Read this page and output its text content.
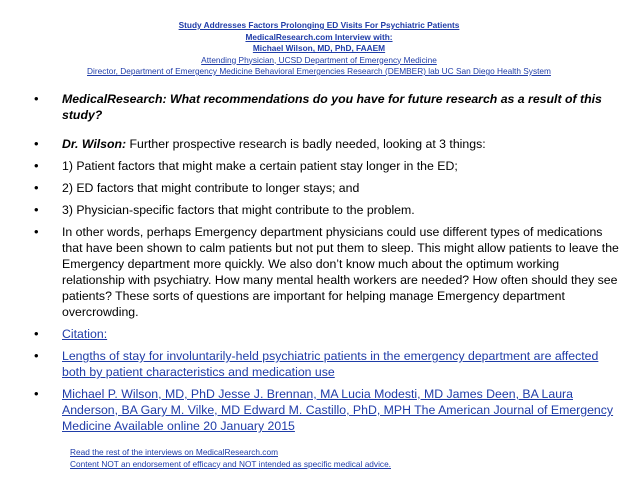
Study Addresses Factors Prolonging ED Visits For Psychiatric Patients
MedicalResearch.com Interview with:
Michael Wilson, MD, PhD, FAAEM
Attending Physician, UCSD Department of Emergency Medicine
Director, Department of Emergency Medicine Behavioral Emergencies Research (DEMBER) lab UC San Diego Health System
• MedicalResearch: What recommendations do you have for future research as a result of this study?
• Dr. Wilson: Further prospective research is badly needed, looking at 3 things:
• 1) Patient factors that might make a certain patient stay longer in the ED;
• 2) ED factors that might contribute to longer stays; and
• 3) Physician-specific factors that might contribute to the problem.
• In other words, perhaps Emergency department physicians could use different types of medications that have been shown to calm patients but not put them to sleep. This might allow patients to leave the Emergency department more quickly. We also don’t know much about the optimum working relationship with psychiatry. How many mental health workers are needed? How often should they see patients? These sorts of questions are important for helping manage Emergency department overcrowding.
• Citation:
• Lengths of stay for involuntarily-held psychiatric patients in the emergency department are affected both by patient characteristics and medication use
• Michael P. Wilson, MD, PhD Jesse J. Brennan, MA Lucia Modesti, MD James Deen, BA Laura Anderson, BA Gary M. Vilke, MD Edward M. Castillo, PhD, MPH The American Journal of Emergency Medicine Available online 20 January 2015
Read the rest of the interviews on MedicalResearch.com
Content NOT an endorsement of efficacy and NOT intended as specific medical advice.
